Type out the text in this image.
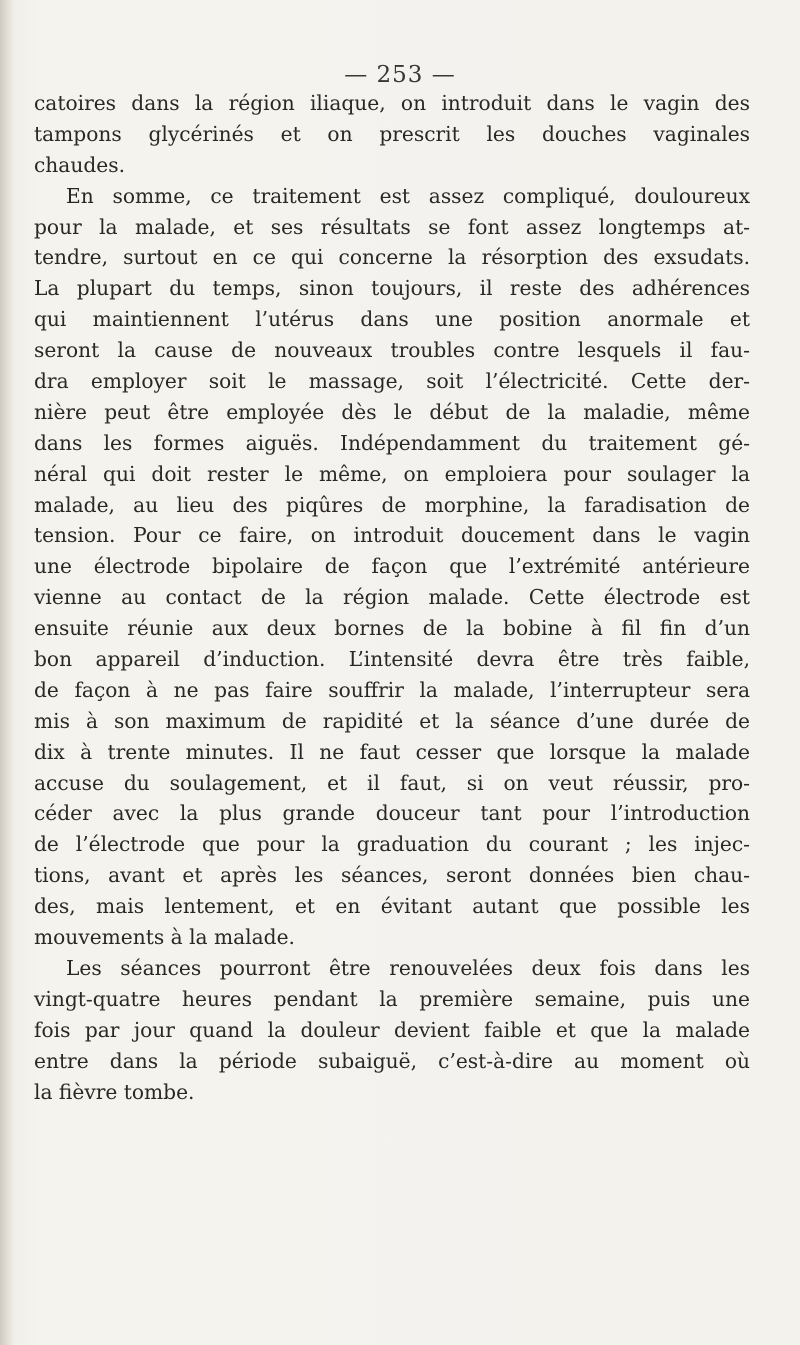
— 253 —
catoires dans la région iliaque, on introduit dans le vagin des
tampons glycérinés et on prescrit les douches vaginales
chaudes.
En somme, ce traitement est assez compliqué, douloureux
pour la malade, et ses résultats se font assez longtemps at-
tendre, surtout en ce qui concerne la résorption des exsudats.
La plupart du temps, sinon toujours, il reste des adhérences
qui maintiennent l’utérus dans une position anormale et
seront la cause de nouveaux troubles contre lesquels il fau-
dra employer soit le massage, soit l’électricité. Cette der-
nière peut être employée dès le début de la maladie, même
dans les formes aiguës. Indépendamment du traitement gé-
néral qui doit rester le même, on emploiera pour soulager la
malade, au lieu des piqûres de morphine, la faradisation de
tension. Pour ce faire, on introduit doucement dans le vagin
une électrode bipolaire de façon que l’extrémité antérieure
vienne au contact de la région malade. Cette électrode est
ensuite réunie aux deux bornes de la bobine à fil fin d’un
bon appareil d’induction. L’intensité devra être très faible,
de façon à ne pas faire souffrir la malade, l’interrupteur sera
mis à son maximum de rapidité et la séance d’une durée de
dix à trente minutes. Il ne faut cesser que lorsque la malade
accuse du soulagement, et il faut, si on veut réussir, pro-
céder avec la plus grande douceur tant pour l’introduction
de l’électrode que pour la graduation du courant ; les injec-
tions, avant et après les séances, seront données bien chau-
des, mais lentement, et en évitant autant que possible les
mouvements à la malade.
Les séances pourront être renouvelées deux fois dans les
vingt-quatre heures pendant la première semaine, puis une
fois par jour quand la douleur devient faible et que la malade
entre dans la période subaiguë, c’est-à-dire au moment où
la fièvre tombe.
